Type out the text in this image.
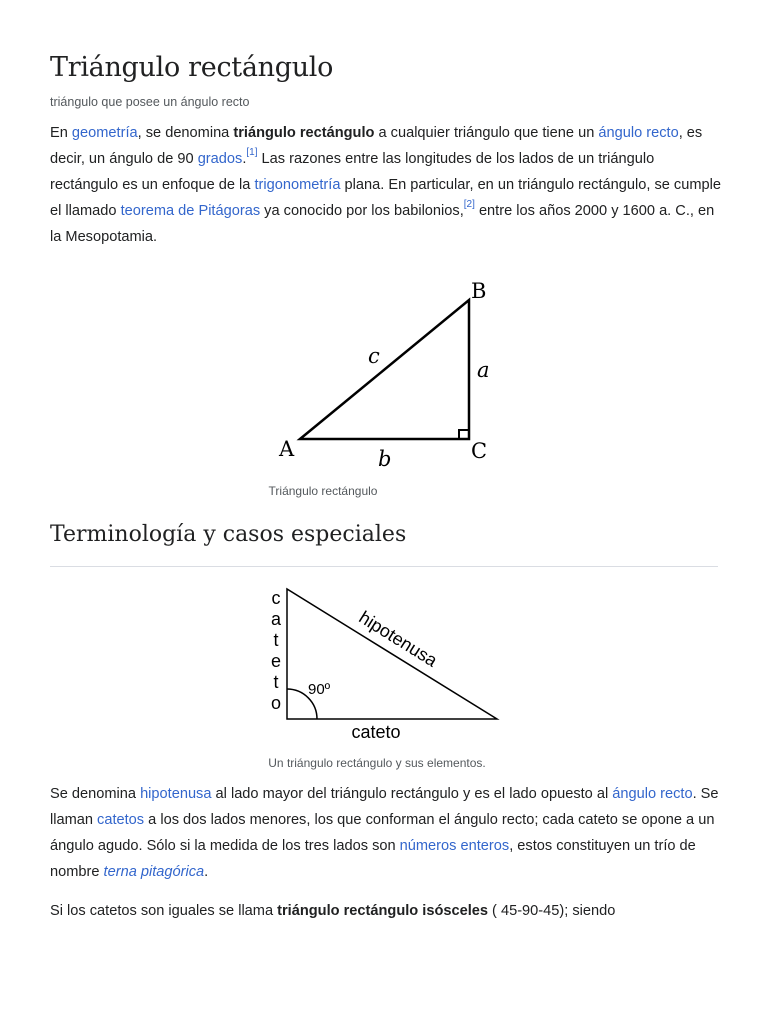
Triángulo rectángulo
triángulo que posee un ángulo recto

En geometría, se denomina triángulo rectángulo a cualquier triángulo que tiene un ángulo recto, es decir, un ángulo de 90 grados.[1] Las razones entre las longitudes de los lados de un triángulo rectángulo es un enfoque de la trigonometría plana. En particular, en un triángulo rectángulo, se cumple el llamado teorema de Pitágoras ya conocido por los babilonios,[2] entre los años 2000 y 1600 a. C., en la Mesopotamia.

A
B
C
a
b
c
Triángulo rectángulo
Terminología y casos especiales
c
a
t
e
t
o
hipotenusa
90º
cateto
Un triángulo rectángulo y sus elementos.

Se denomina hipotenusa al lado mayor del triángulo rectángulo y es el lado opuesto al ángulo recto. Se llaman catetos a los dos lados menores, los que conforman el ángulo recto; cada cateto se opone a un ángulo agudo. Sólo si la medida de los tres lados son números enteros, estos constituyen un trío de nombre terna pitagórica.

Si los catetos son iguales se llama triángulo rectángulo isósceles ( 45-90-45); siendo
